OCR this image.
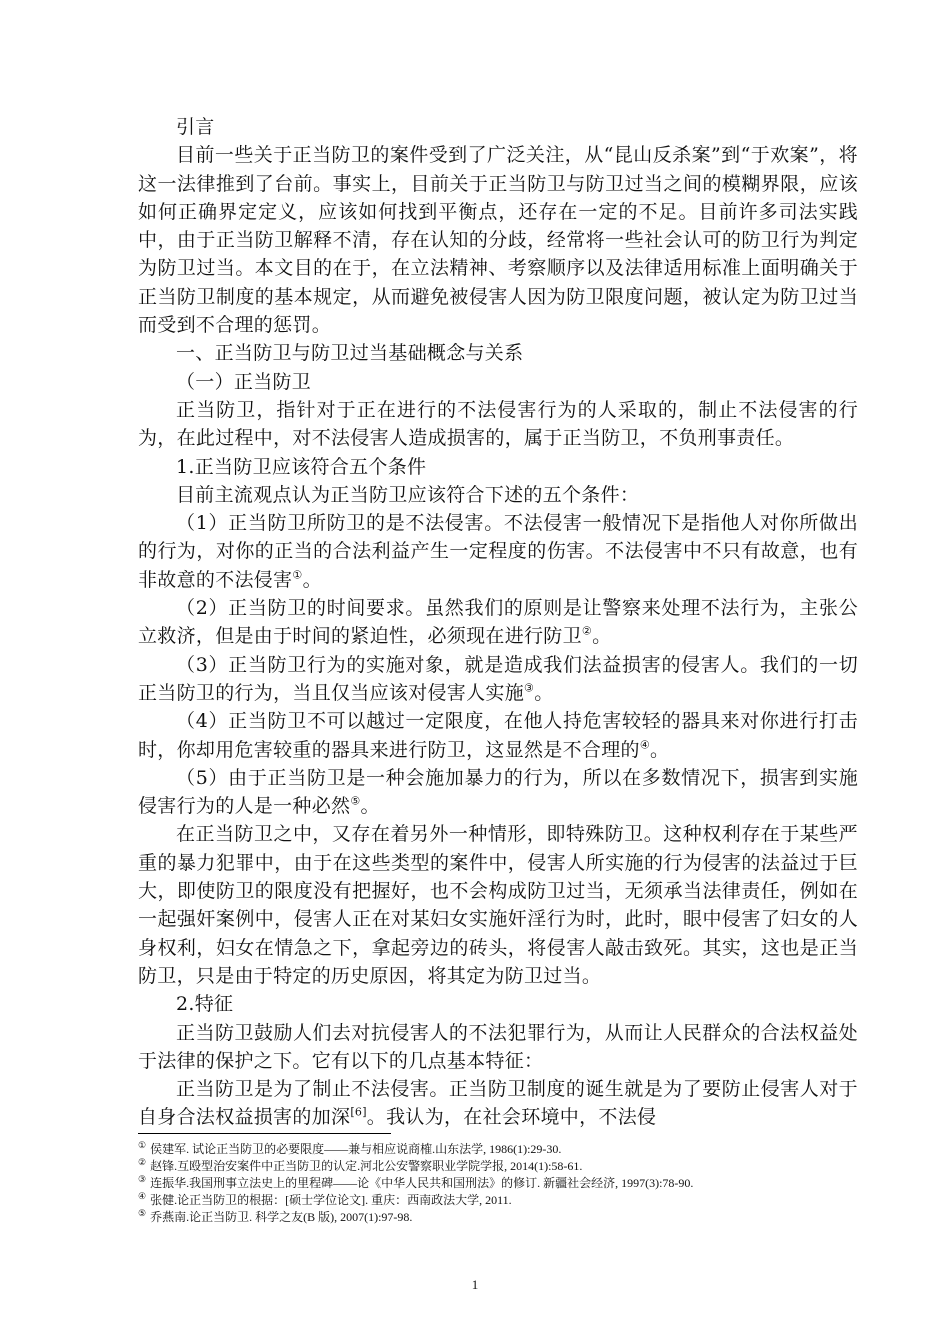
引言

目前一些关于正当防卫的案件受到了广泛关注，从“昆山反杀案”到“于欢案”，将这一法律推到了台前。事实上，目前关于正当防卫与防卫过当之间的模糊界限，应该如何正确界定定义，应该如何找到平衡点，还存在一定的不足。目前许多司法实践中，由于正当防卫解释不清，存在认知的分歧，经常将一些社会认可的防卫行为判定为防卫过当。本文目的在于，在立法精神、考察顺序以及法律适用标准上面明确关于正当防卫制度的基本规定，从而避免被侵害人因为防卫限度问题，被认定为防卫过当而受到不合理的惩罚。

一、正当防卫与防卫过当基础概念与关系

（一）正当防卫

正当防卫，指针对于正在进行的不法侵害行为的人采取的，制止不法侵害的行为，在此过程中，对不法侵害人造成损害的，属于正当防卫，不负刑事责任。

1.正当防卫应该符合五个条件

目前主流观点认为正当防卫应该符合下述的五个条件：

（1）正当防卫所防卫的是不法侵害。不法侵害一般情况下是指他人对你所做出的行为，对你的正当的合法利益产生一定程度的伤害。不法侵害中不只有故意，也有非故意的不法侵害①。

（2）正当防卫的时间要求。虽然我们的原则是让警察来处理不法行为，主张公立救济，但是由于时间的紧迫性，必须现在进行防卫②。

（3）正当防卫行为的实施对象，就是造成我们法益损害的侵害人。我们的一切正当防卫的行为，当且仅当应该对侵害人实施③。

（4）正当防卫不可以越过一定限度，在他人持危害较轻的器具来对你进行打击时，你却用危害较重的器具来进行防卫，这显然是不合理的④。

（5）由于正当防卫是一种会施加暴力的行为，所以在多数情况下，损害到实施侵害行为的人是一种必然⑤。

在正当防卫之中，又存在着另外一种情形，即特殊防卫。这种权利存在于某些严重的暴力犯罪中，由于在这些类型的案件中，侵害人所实施的行为侵害的法益过于巨大，即使防卫的限度没有把握好，也不会构成防卫过当，无须承当法律责任，例如在一起强奸案例中，侵害人正在对某妇女实施奸淫行为时，此时，眼中侵害了妇女的人身权利，妇女在情急之下，拿起旁边的砖头，将侵害人敲击致死。其实，这也是正当防卫，只是由于特定的历史原因，将其定为防卫过当。

2.特征

正当防卫鼓励人们去对抗侵害人的不法犯罪行为，从而让人民群众的合法权益处于法律的保护之下。它有以下的几点基本特征：

正当防卫是为了制止不法侵害。正当防卫制度的诞生就是为了要防止侵害人对于自身合法权益损害的加深[6]。我认为，在社会环境中，不法侵

① 侯建军. 试论正当防卫的必要限度——兼与相应说商榷.山东法学, 1986(1):29-30.

② 赵锋.互殴型治安案件中正当防卫的认定.河北公安警察职业学院学报, 2014(1):58-61.

③ 连振华.我国刑事立法史上的里程碑——论《中华人民共和国刑法》的修订. 新疆社会经济, 1997(3):78-90.

④ 张健.论正当防卫的根据：[硕士学位论文]. 重庆：西南政法大学, 2011.

⑤ 乔燕南.论正当防卫. 科学之友(B 版), 2007(1):97-98.

1
